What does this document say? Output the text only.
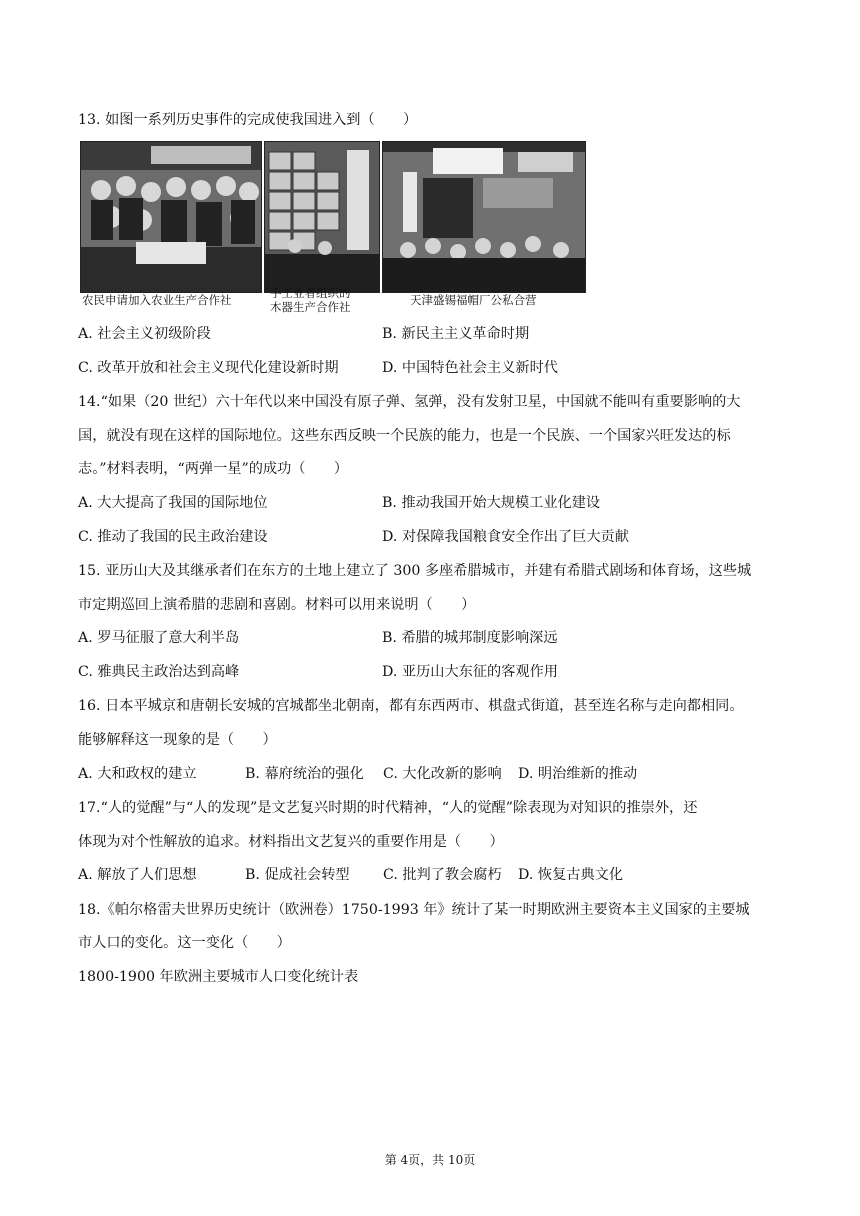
13. 如图一系列历史事件的完成使我国进入到（　　）
农民申请加入农业生产合作社	手工业者组织的
木器生产合作社	天津盛锡福帽厂公私合营
A. 社会主义初级阶段	B. 新民主主义革命时期
C. 改革开放和社会主义现代化建设新时期	D. 中国特色社会主义新时代
14.“如果（20 世纪）六十年代以来中国没有原子弹、氢弹，没有发射卫星，中国就不能叫有重要影响的大
国，就没有现在这样的国际地位。这些东西反映一个民族的能力，也是一个民族、一个国家兴旺发达的标
志。”材料表明，“两弹一星”的成功（　　）
A. 大大提高了我国的国际地位	B. 推动我国开始大规模工业化建设
C. 推动了我国的民主政治建设	D. 对保障我国粮食安全作出了巨大贡献
15. 亚历山大及其继承者们在东方的土地上建立了 300 多座希腊城市，并建有希腊式剧场和体育场，这些城
市定期巡回上演希腊的悲剧和喜剧。材料可以用来说明（　　）
A. 罗马征服了意大利半岛	B. 希腊的城邦制度影响深远
C. 雅典民主政治达到高峰	D. 亚历山大东征的客观作用
16. 日本平城京和唐朝长安城的宫城都坐北朝南，都有东西两市、棋盘式街道，甚至连名称与走向都相同。
能够解释这一现象的是（　　）
A. 大和政权的建立	B. 幕府统治的强化 C. 大化改新的影响 D. 明治维新的推动
17.“人的觉醒”与“人的发现”是文艺复兴时期的时代精神，“人的觉醒”除表现为对知识的推崇外，还
体现为对个性解放的追求。材料指出文艺复兴的重要作用是（　　）
A. 解放了人们思想	B. 促成社会转型 C. 批判了教会腐朽 D. 恢复古典文化
18.《帕尔格雷夫世界历史统计（欧洲卷）1750-1993 年》统计了某一时期欧洲主要资本主义国家的主要城
市人口的变化。这一变化（　　）
1800-1900 年欧洲主要城市人口变化统计表
第 4页，共 10页
